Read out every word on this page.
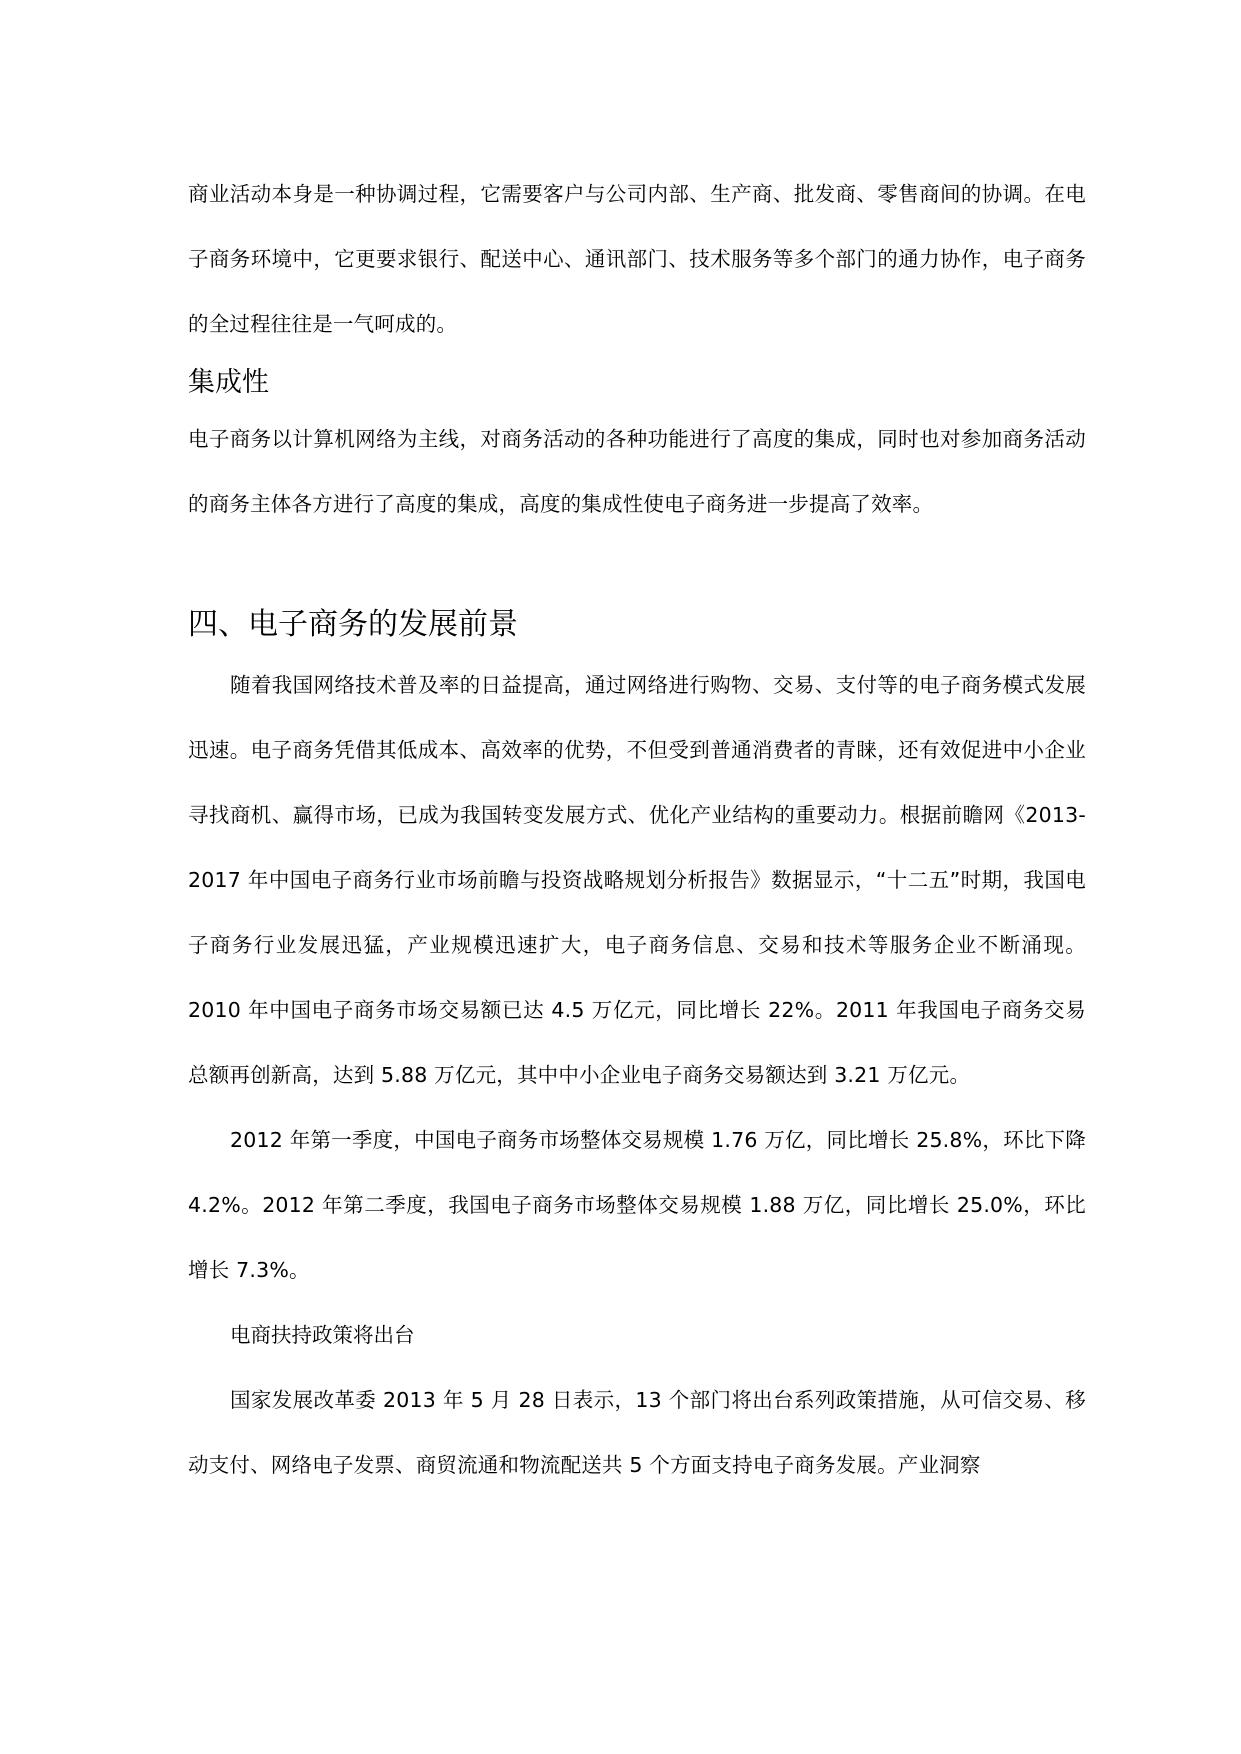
商业活动本身是一种协调过程，它需要客户与公司内部、生产商、批发商、零售商间的协调。在电子商务环境中，它更要求银行、配送中心、通讯部门、技术服务等多个部门的通力协作，电子商务的全过程往往是一气呵成的。

集成性

电子商务以计算机网络为主线，对商务活动的各种功能进行了高度的集成，同时也对参加商务活动的商务主体各方进行了高度的集成，高度的集成性使电子商务进一步提高了效率。

四、电子商务的发展前景

随着我国网络技术普及率的日益提高，通过网络进行购物、交易、支付等的电子商务模式发展迅速。电子商务凭借其低成本、高效率的优势，不但受到普通消费者的青睐，还有效促进中小企业寻找商机、赢得市场，已成为我国转变发展方式、优化产业结构的重要动力。根据前瞻网《2013-2017 年中国电子商务行业市场前瞻与投资战略规划分析报告》数据显示，“十二五”时期，我国电子商务行业发展迅猛，产业规模迅速扩大，电子商务信息、交易和技术等服务企业不断涌现。2010 年中国电子商务市场交易额已达 4.5 万亿元，同比增长 22%。2011 年我国电子商务交易总额再创新高，达到 5.88 万亿元，其中中小企业电子商务交易额达到 3.21 万亿元。

2012 年第一季度，中国电子商务市场整体交易规模 1.76 万亿，同比增长 25.8%，环比下降 4.2%。2012 年第二季度，我国电子商务市场整体交易规模 1.88 万亿，同比增长 25.0%，环比增长 7.3%。

电商扶持政策将出台

国家发展改革委 2013 年 5 月 28 日表示，13 个部门将出台系列政策措施，从可信交易、移动支付、网络电子发票、商贸流通和物流配送共 5 个方面支持电子商务发展。产业洞察
